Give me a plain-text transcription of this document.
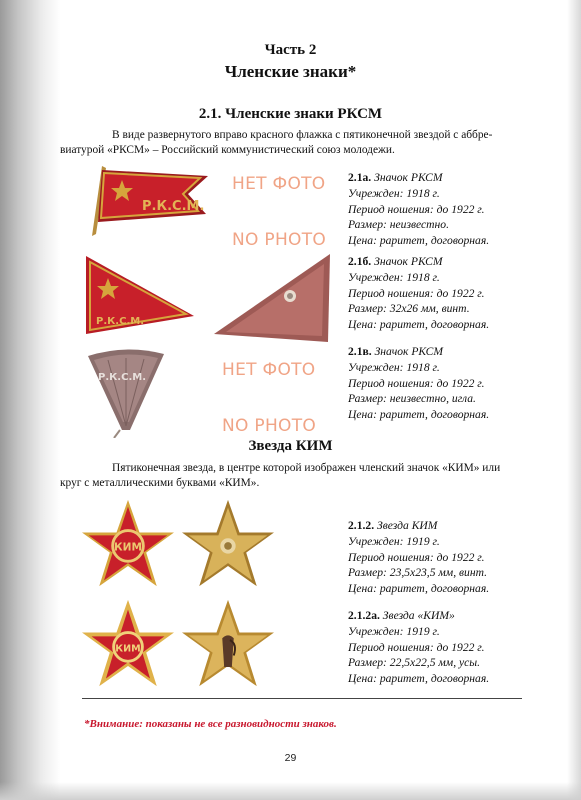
Часть 2
Членские знаки*
2.1. Членские знаки РКСМ
В виде развернутого вправо красного флажка с пятиконечной звездой с аббре-
виатурой «РКСМ» – Российский коммунистический союз молодежи.
Р.К.С.М.
НЕТ ФОТО
NO PHOTO
2.1а. Значок РКСМ
Учрежден: 1918 г.
Период ношения: до 1922 г.
Размер: неизвестно.
Цена: раритет, договорная.
Р.К.С.М.
2.1б. Значок РКСМ
Учрежден: 1918 г.
Период ношения: до 1922 г.
Размер: 32х26 мм, винт.
Цена: раритет, договорная.
Р.К.С.М.	НЕТ ФОТО
NO PHOTO
2.1в. Значок РКСМ
Учрежден: 1918 г.
Период ношения: до 1922 г.
Размер: неизвестно, игла.
Цена: раритет, договорная.
Звезда КИМ
Пятиконечная звезда, в центре которой изображен членский значок «КИМ» или
круг с металлическими буквами «КИМ».
КИМ
2.1.2. Звезда КИМ
Учрежден: 1919 г.
Период ношения: до 1922 г.
Размер: 23,5х23,5 мм, винт.
Цена: раритет, договорная.
КИМ
2.1.2а. Звезда «КИМ»
Учрежден: 1919 г.
Период ношения: до 1922 г.
Размер: 22,5х22,5 мм, усы.
Цена: раритет, договорная.
*Внимание: показаны не все разновидности знаков.
29
